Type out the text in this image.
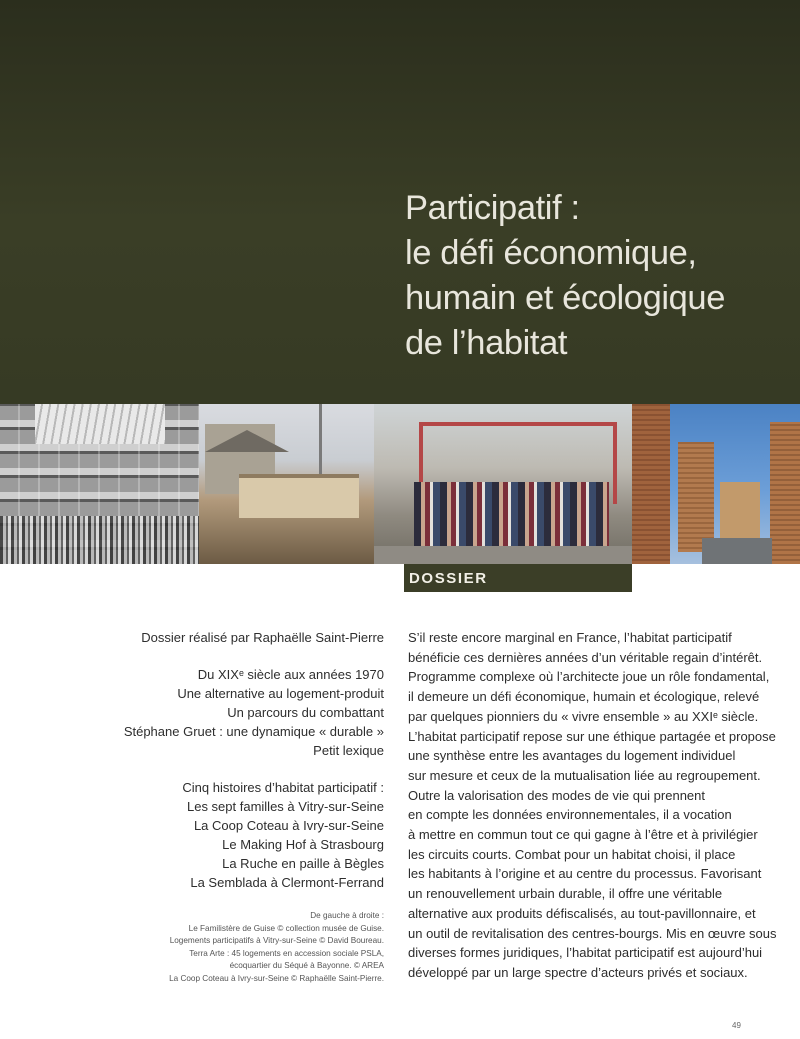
Participatif :
le défi économique,
humain et écologique
de l’habitat
DOSSIER
Dossier réalisé par Raphaëlle Saint-Pierre
Du XIXᵉ siècle aux années 1970
Une alternative au logement-produit
Un parcours du combattant
Stéphane Gruet : une dynamique « durable »
Petit lexique
Cinq histoires d’habitat participatif :
Les sept familles à Vitry-sur-Seine
La Coop Coteau à Ivry-sur-Seine
Le Making Hof à Strasbourg
La Ruche en paille à Bègles
La Semblada à Clermont-Ferrand
De gauche à droite :
Le Familistère de Guise © collection musée de Guise.
Logements participatifs à Vitry-sur-Seine © David Boureau.
Terra Arte : 45 logements en accession sociale PSLA,
écoquartier du Séqué à Bayonne. © AREA
La Coop Coteau à Ivry-sur-Seine © Raphaëlle Saint-Pierre.
S’il reste encore marginal en France, l’habitat participatif
bénéficie ces dernières années d’un véritable regain d’intérêt.
Programme complexe où l’architecte joue un rôle fondamental,
il demeure un défi économique, humain et écologique, relevé
par quelques pionniers du « vivre ensemble » au XXIᵉ siècle.
L’habitat participatif repose sur une éthique partagée et propose
une synthèse entre les avantages du logement individuel
sur mesure et ceux de la mutualisation liée au regroupement.
Outre la valorisation des modes de vie qui prennent
en compte les données environnementales, il a vocation
à mettre en commun tout ce qui gagne à l’être et à privilégier
les circuits courts. Combat pour un habitat choisi, il place
les habitants à l’origine et au centre du processus. Favorisant
un renouvellement urbain durable, il offre une véritable
alternative aux produits défiscalisés, au tout-pavillonnaire, et
un outil de revitalisation des centres-bourgs. Mis en œuvre sous
diverses formes juridiques, l’habitat participatif est aujourd’hui
développé par un large spectre d’acteurs privés et sociaux.
49
